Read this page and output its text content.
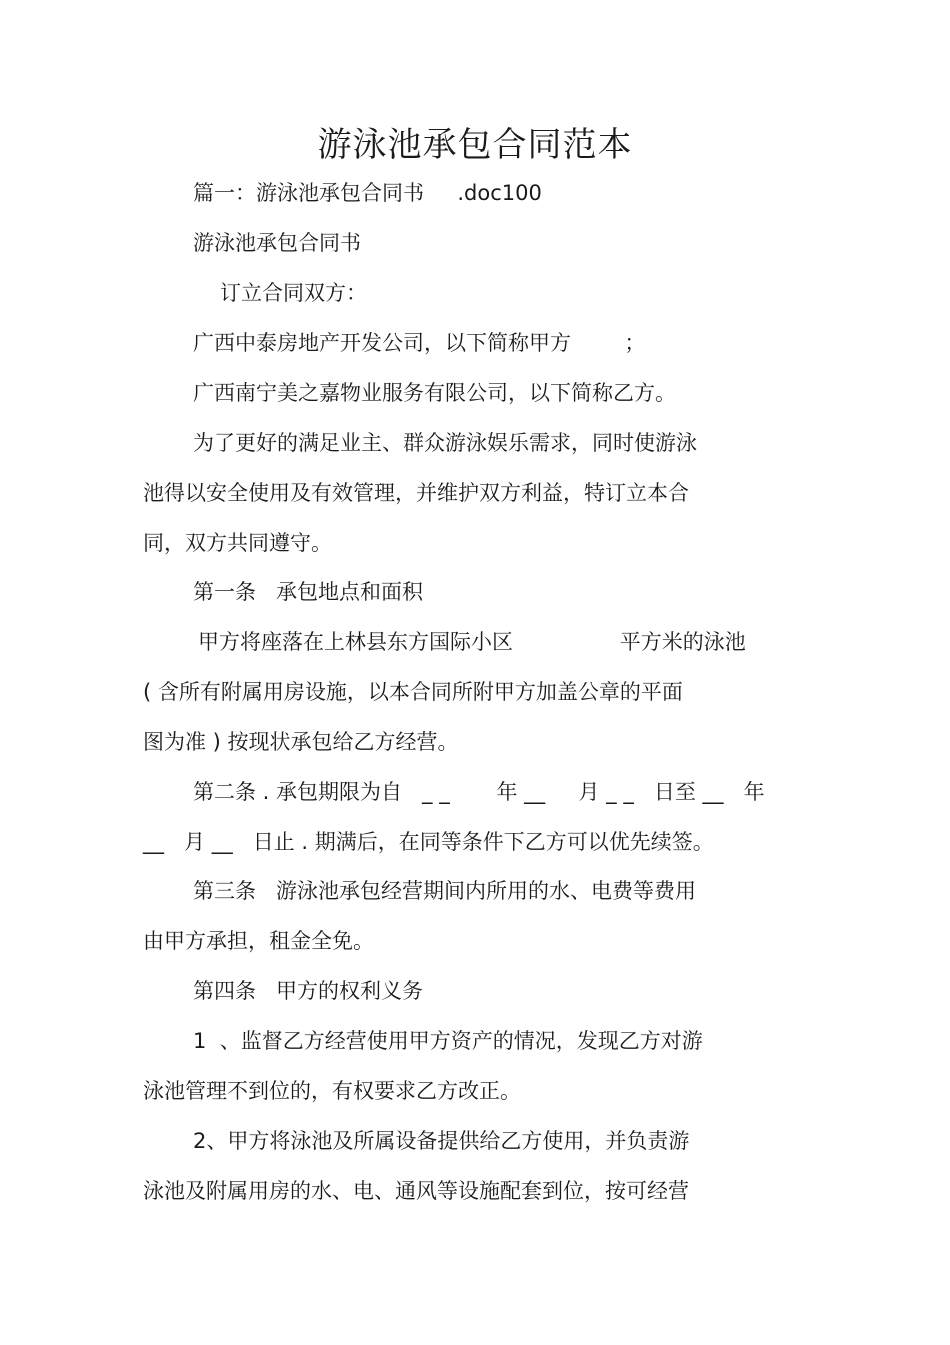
游泳池承包合同范本

篇一：游泳池承包合同书     .doc100

游泳池承包合同书

订立合同双方：

广西中泰房地产开发公司，以下简称甲方        ；

广西南宁美之嘉物业服务有限公司，以下简称乙方。

为了更好的满足业主、群众游泳娱乐需求，同时使游泳

池得以安全使用及有效管理，并维护双方利益，特订立本合

同，双方共同遵守。

第一条   承包地点和面积

甲方将座落在上林县东方国际小区                平方米的泳池

( 含所有附属用房设施，以本合同所附甲方加盖公章的平面

图为准 ) 按现状承包给乙方经营。

第二条 . 承包期限为自   _ _       年 __     月 _ _   日至 __   年

__   月 __   日止 . 期满后，在同等条件下乙方可以优先续签。

第三条   游泳池承包经营期间内所用的水、电费等费用

由甲方承担，租金全免。

第四条   甲方的权利义务

1  、监督乙方经营使用甲方资产的情况，发现乙方对游

泳池管理不到位的，有权要求乙方改正。

2、甲方将泳池及所属设备提供给乙方使用，并负责游

泳池及附属用房的水、电、通风等设施配套到位，按可经营
